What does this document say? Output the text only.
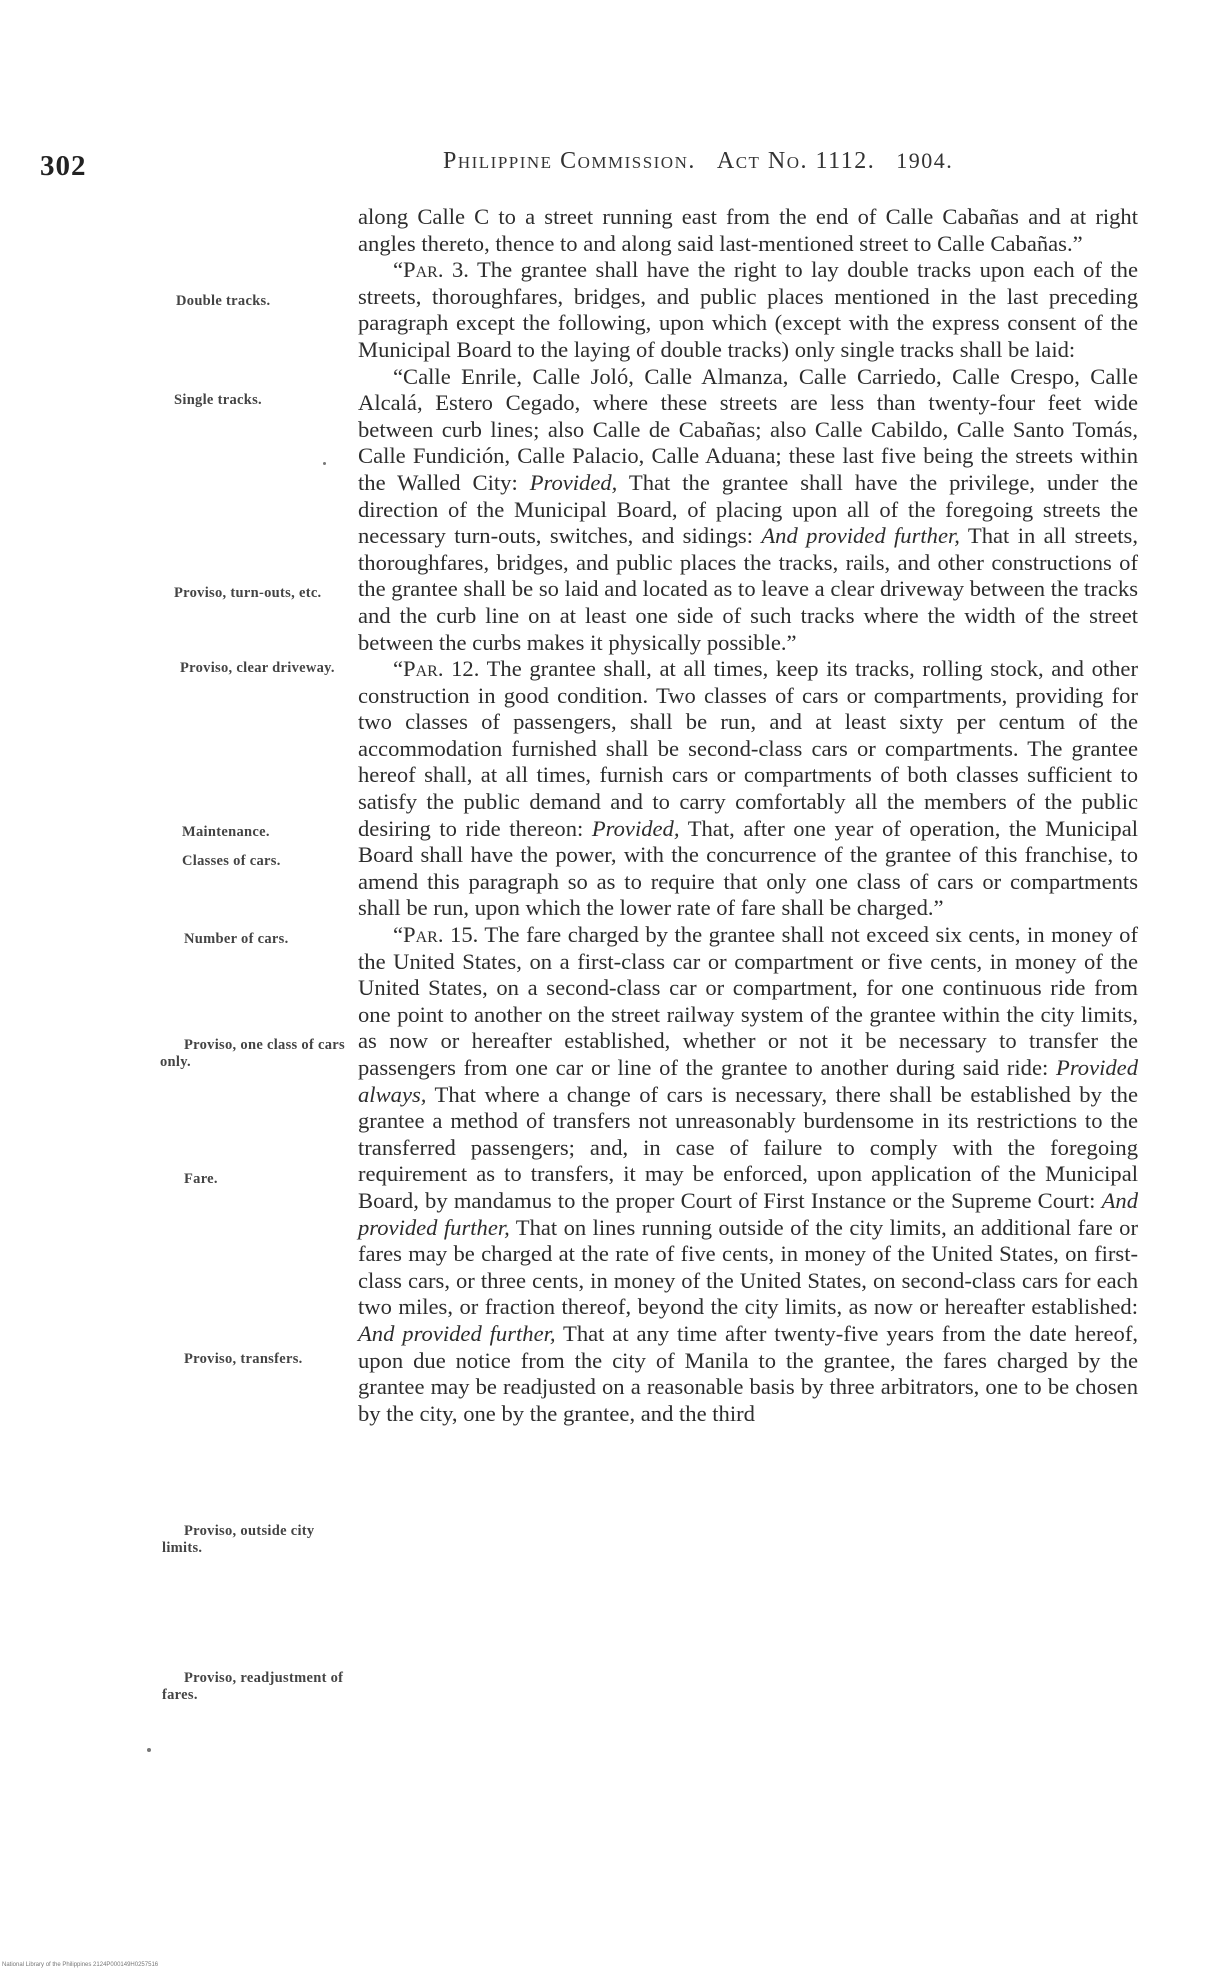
302	Philippine Commission. Act No. 1112. 1904.
Double tracks.
Single tracks.
Proviso, turn-outs, etc.
Proviso, clear driveway.
Maintenance.
Classes of cars.
Number of cars.
Proviso, one class of cars only.
Fare.
Proviso, transfers.
Proviso, outside city limits.
Proviso, readjustment of fares.

along Calle C to a street running east from the end of Calle Cabañas and at right angles thereto, thence to and along said last-mentioned street to Calle Cabañas.”

“Par. 3. The grantee shall have the right to lay double tracks upon each of the streets, thoroughfares, bridges, and public places mentioned in the last preceding paragraph except the following, upon which (except with the express consent of the Municipal Board to the laying of double tracks) only single tracks shall be laid:

“Calle Enrile, Calle Joló, Calle Almanza, Calle Carriedo, Calle Crespo, Calle Alcalá, Estero Cegado, where these streets are less than twenty-four feet wide between curb lines; also Calle de Cabañas; also Calle Cabildo, Calle Santo Tomás, Calle Fundición, Calle Palacio, Calle Aduana; these last five being the streets within the Walled City: Provided, That the grantee shall have the privilege, under the direction of the Municipal Board, of placing upon all of the foregoing streets the necessary turn-outs, switches, and sidings: And provided further, That in all streets, thoroughfares, bridges, and public places the tracks, rails, and other constructions of the grantee shall be so laid and located as to leave a clear driveway between the tracks and the curb line on at least one side of such tracks where the width of the street between the curbs makes it physically possible.”

“Par. 12. The grantee shall, at all times, keep its tracks, rolling stock, and other construction in good condition. Two classes of cars or compartments, providing for two classes of passengers, shall be run, and at least sixty per centum of the accommodation furnished shall be second-class cars or compartments. The grantee hereof shall, at all times, furnish cars or compartments of both classes sufficient to satisfy the public demand and to carry comfortably all the members of the public desiring to ride thereon: Provided, That, after one year of operation, the Municipal Board shall have the power, with the concurrence of the grantee of this franchise, to amend this paragraph so as to require that only one class of cars or compartments shall be run, upon which the lower rate of fare shall be charged.”

“Par. 15. The fare charged by the grantee shall not exceed six cents, in money of the United States, on a first-class car or compartment or five cents, in money of the United States, on a second-class car or compartment, for one continuous ride from one point to another on the street railway system of the grantee within the city limits, as now or hereafter established, whether or not it be necessary to transfer the passengers from one car or line of the grantee to another during said ride: Provided always, That where a change of cars is necessary, there shall be established by the grantee a method of transfers not unreasonably burdensome in its restrictions to the transferred passengers; and, in case of failure to comply with the foregoing requirement as to transfers, it may be enforced, upon application of the Municipal Board, by mandamus to the proper Court of First Instance or the Supreme Court: And provided further, That on lines running outside of the city limits, an additional fare or fares may be charged at the rate of five cents, in money of the United States, on first-class cars, or three cents, in money of the United States, on second-class cars for each two miles, or fraction thereof, beyond the city limits, as now or hereafter established: And provided further, That at any time after twenty-five years from the date hereof, upon due notice from the city of Manila to the grantee, the fares charged by the grantee may be readjusted on a reasonable basis by three arbitrators, one to be chosen by the city, one by the grantee, and the third

National Library of the Philippines 2124P000149H0257516
